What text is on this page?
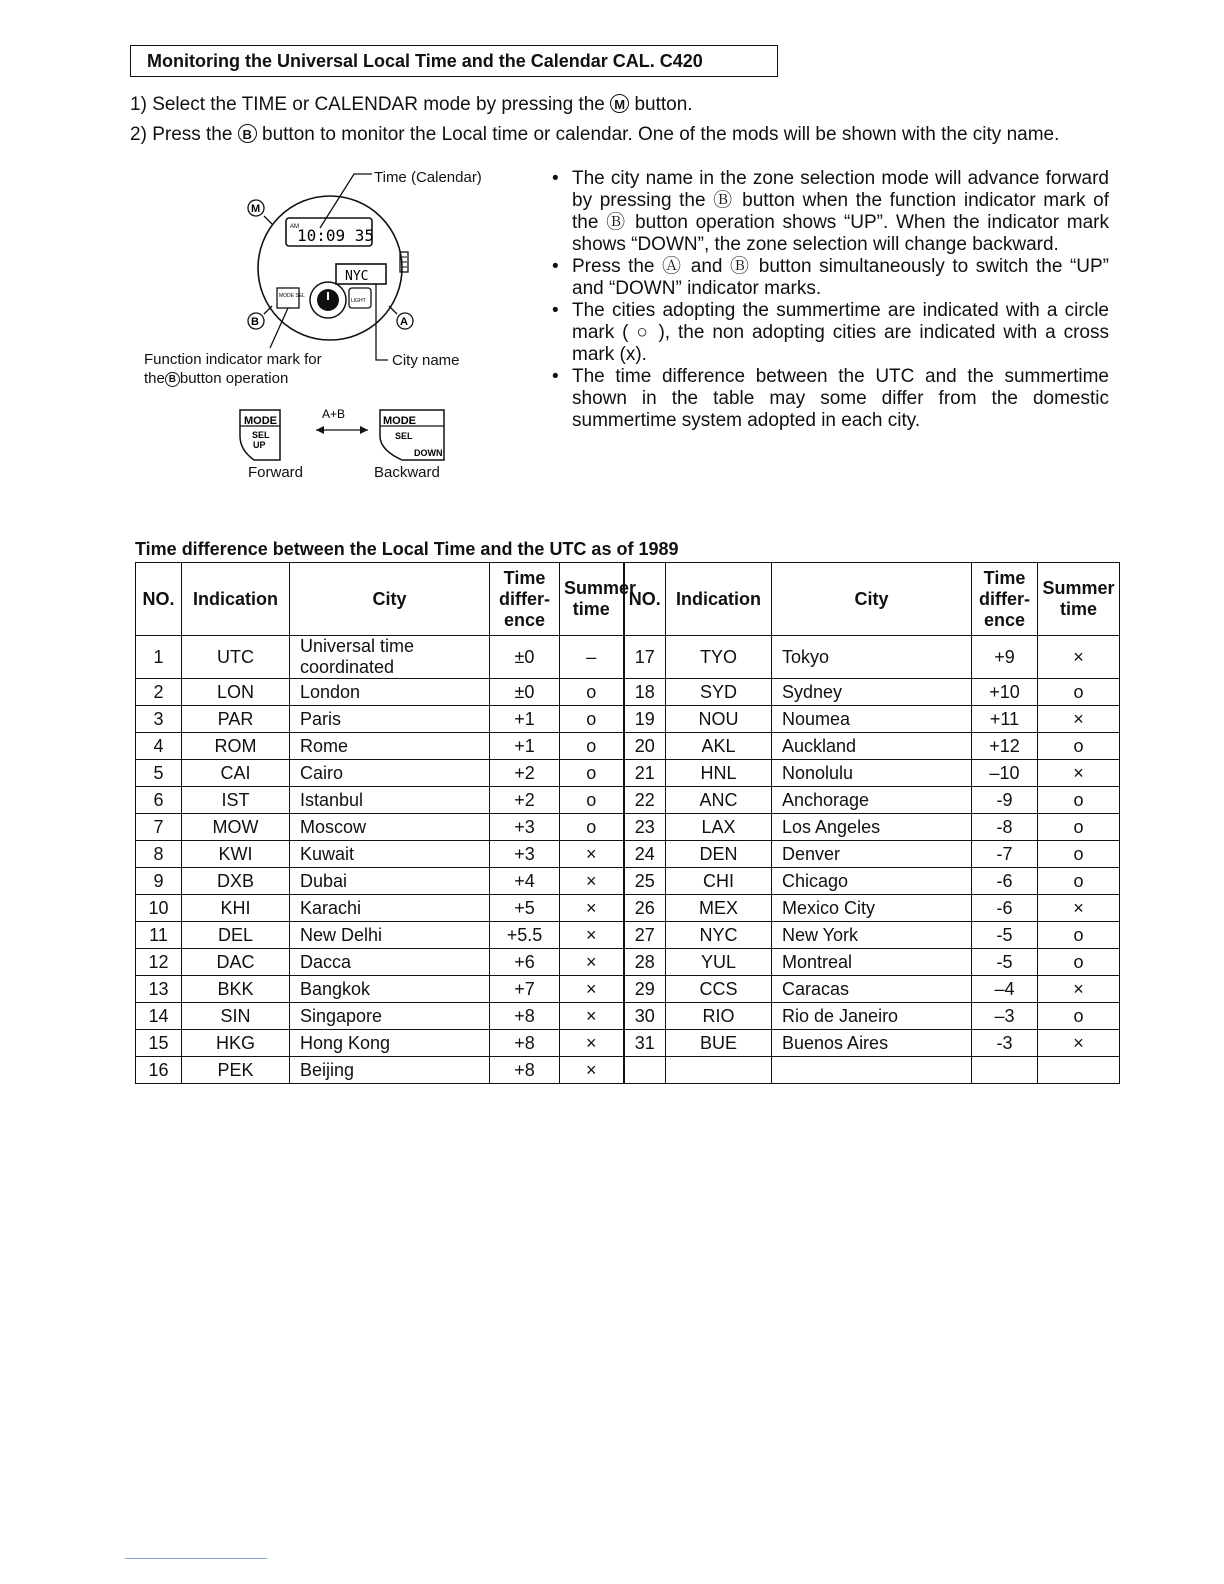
Monitoring the Universal Local Time and the Calendar CAL. C420
1) Select the TIME or CALENDAR mode by pressing the M button.
2) Press the B button to monitor the Local time or calendar. One of the mods will be shown with the city name.
AM
10:09 35
NYC
MODE SEL
LIGHT
M
B	A
MODE
SEL
UP
A+B	MODE
SEL
DOWN
Time (Calendar)
Function indicator mark for
the B button operation
City name
Forward	Backward
• The city name in the zone selection mode will advance forward by pressing the Ⓑ button when the function indicator mark of the Ⓑ button operation shows “UP”. When the indicator mark shows “DOWN”, the zone selection will change backward.
• Press the Ⓐ and Ⓑ button simultaneously to switch the “UP” and “DOWN” indicator marks.
• The cities adopting the summertime are indicated with a circle mark ( ○ ), the non adopting cities are indicated with a cross mark (x).
• The time difference between the UTC and the summertime shown in the table may some differ from the domestic summertime system adopted in each city.
Time difference between the Local Time and the UTC as of 1989
NO.	Indication	City	Time
differ-
ence	Summer
time	NO.	Indication	City	Time
differ-
ence	Summer
time
1	UTC	Universal time coordinated	±0	–	17	TYO	Tokyo	+9	×
2	LON	London	±0	o	18	SYD	Sydney	+10	o
3	PAR	Paris	+1	o	19	NOU	Noumea	+11	×
4	ROM	Rome	+1	o	20	AKL	Auckland	+12	o
5	CAI	Cairo	+2	o	21	HNL	Nonolulu	–10	×
6	IST	Istanbul	+2	o	22	ANC	Anchorage	-9	o
7	MOW	Moscow	+3	o	23	LAX	Los Angeles	-8	o
8	KWI	Kuwait	+3	×	24	DEN	Denver	-7	o
9	DXB	Dubai	+4	×	25	CHI	Chicago	-6	o
10	KHI	Karachi	+5	×	26	MEX	Mexico City	-6	×
11	DEL	New Delhi	+5.5	×	27	NYC	New York	-5	o
12	DAC	Dacca	+6	×	28	YUL	Montreal	-5	o
13	BKK	Bangkok	+7	×	29	CCS	Caracas	–4	×
14	SIN	Singapore	+8	×	30	RIO	Rio de Janeiro	–3	o
15	HKG	Hong Kong	+8	×	31	BUE	Buenos Aires	-3	×
16	PEK	Beijing	+8	×					
